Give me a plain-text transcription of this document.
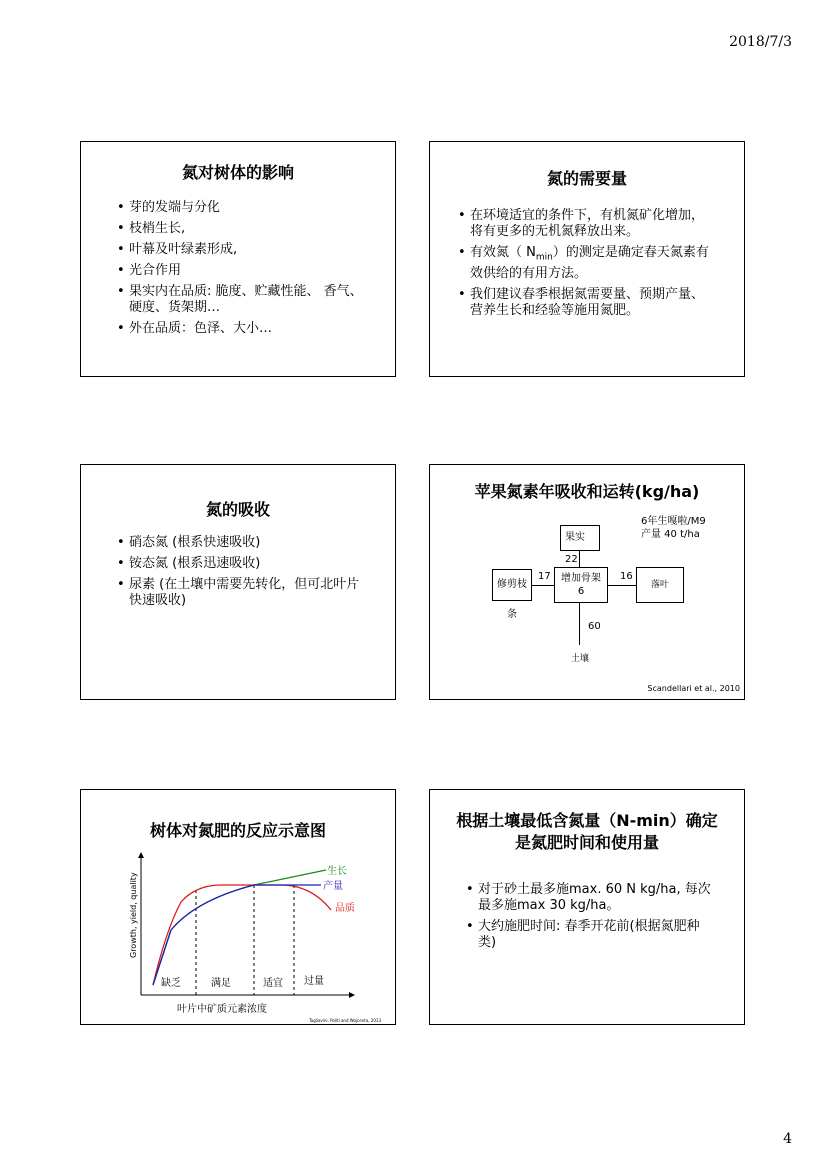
2018/7/3
氮对树体的影响
• 芽的发端与分化
• 枝梢生长,
• 叶幕及叶绿素形成,
• 光合作用
• 果实内在品质: 脆度、贮藏性能、 香气、硬度、货架期…
• 外在品质：色泽、大小…
氮的需要量
• 在环境适宜的条件下，有机氮矿化增加，将有更多的无机氮释放出来。
• 有效氮（ $N_{min}$）的测定是确定春天氮素有效供给的有用方法。
• 我们建议春季根据氮需要量、预期产量、营养生长和经验等施用氮肥。
氮的吸收
• 硝态氮 (根系快速吸收)
• 铵态氮 (根系迅速吸收)
• 尿素 (在土壤中需要先转化，但可北叶片快速吸收)
苹果氮素年吸收和运转(kg/ha)
6年生嘎啦/M9
产量 40 t/ha
果实
22
增加骨架
6
修剪枝条
17
落叶
16
60
土壤
Scandellari et al., 2010
树体对氮肥的反应示意图
生长
产量
品质
缺乏	满足	适宜 过量
叶片中矿质元素浓度
Growth, yield, quality
Tagliavini, Politi and Wojcenta, 2013
根据土壤最低含氮量（N-min）确定
是氮肥时间和使用量
• 对于砂土最多施max. 60 N kg/ha, 每次最多施max 30 kg/ha。
• 大约施肥时间: 春季开花前(根据氮肥种类)
4
